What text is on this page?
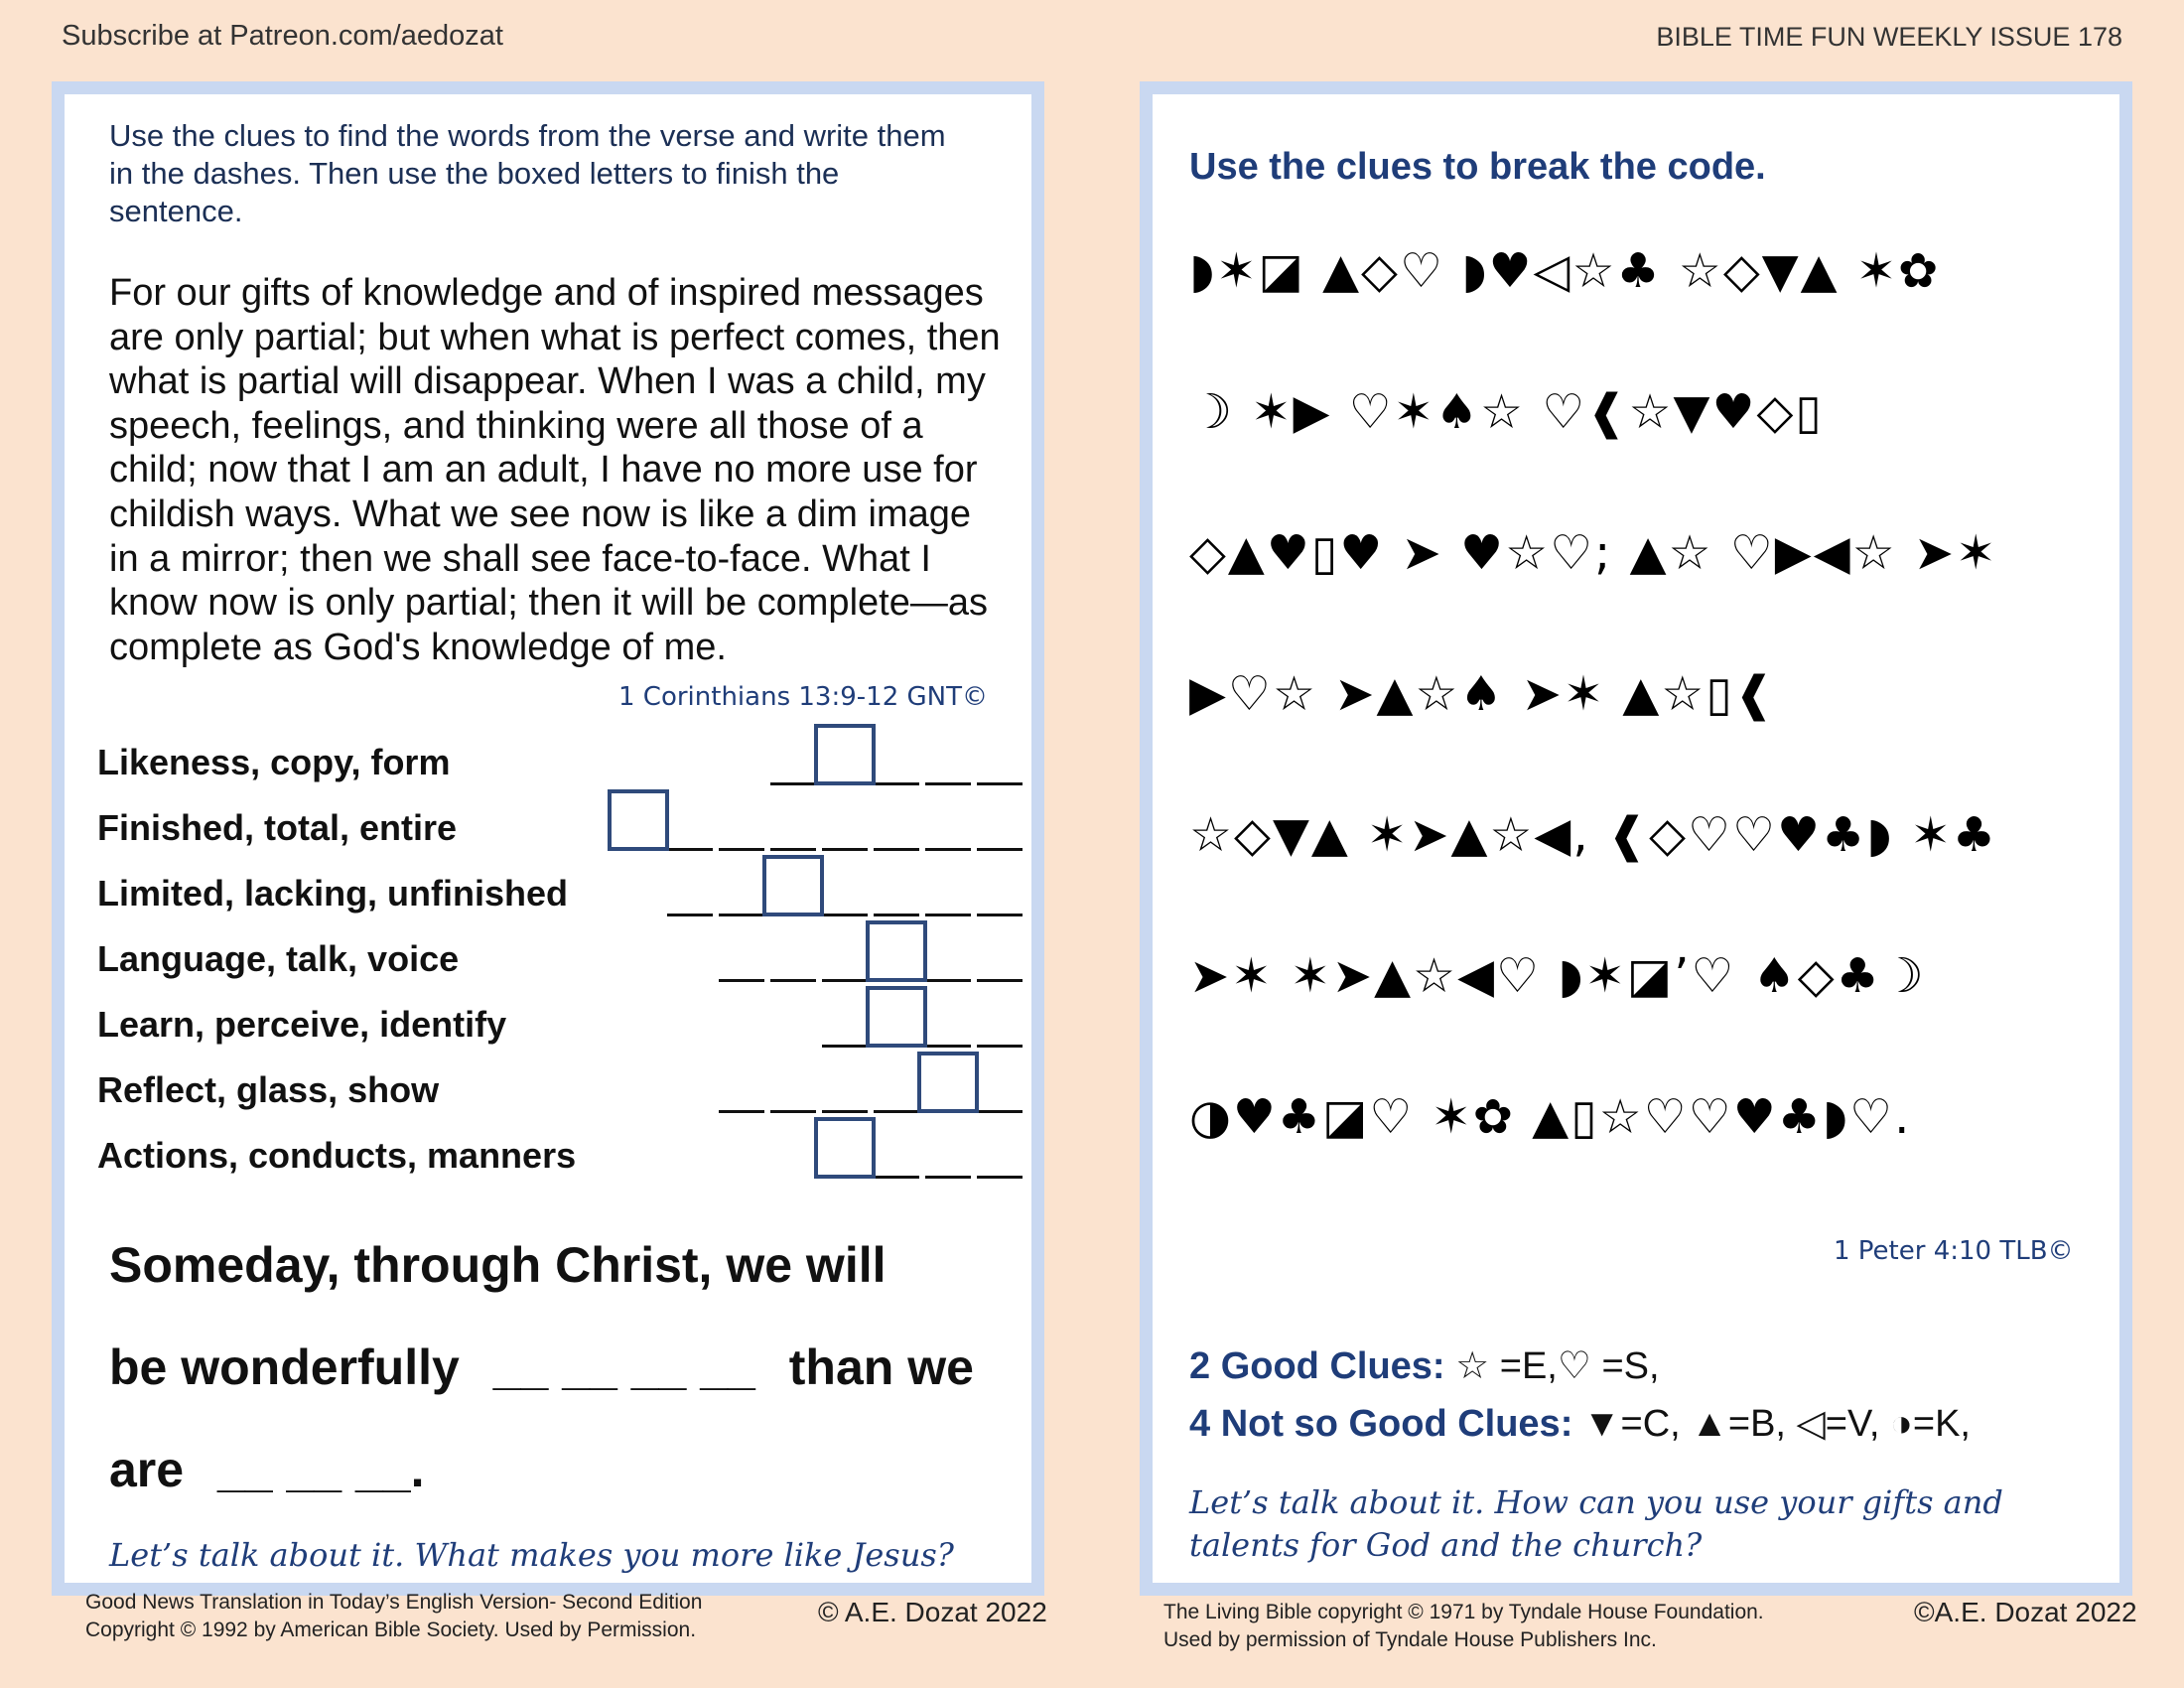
Subscribe at Patreon.com/aedozat	BIBLE TIME FUN WEEKLY ISSUE 178
Use the clues to find the words from the verse and write them in the dashes. Then use the boxed letters to finish the sentence.
For our gifts of knowledge and of inspired messages are only partial; but when what is perfect comes, then what is partial will disappear. When I was a child, my speech, feelings, and thinking were all those of a child; now that I am an adult, I have no more use for childish ways. What we see now is like a dim image in a mirror; then we shall see face-to-face. What I know now is only partial; then it will be complete—as complete as God's knowledge of me.
1 Corinthians 13:9-12 GNT©
Likeness, copy, form
Finished, total, entire
Limited, lacking, unfinished
Language, talk, voice
Learn, perceive, identify
Reflect, glass, show
Actions, conducts, manners
Someday, through Christ, we will
be wonderfully __ __ __ __ than we
are __ __ __.
Let’s talk about it. What makes you more like Jesus?
Good News Translation in Today’s English Version- Second Edition
Copyright © 1992 by American Bible Society. Used by Permission.
© A.E. Dozat 2022
Use the clues to break the code.
◗✶◪ ▲◇♡ ◗♥◁☆♣ ☆◇▼▲ ✶✿
☽ ✶▶ ♡✶♠☆ ♡❰☆▼♥◇▯
◇▲♥▯♥ ➤ ♥☆♡; ▲☆ ♡▶◀☆ ➤✶
▶♡☆ ➤▲☆♠ ➤✶ ▲☆▯❰
☆◇▼▲ ✶➤▲☆◀, ❰◇♡♡♥♣◗ ✶♣
➤✶ ✶➤▲☆◀♡ ◗✶◪’♡ ♠◇♣☽
◑♥♣◪♡ ✶✿ ▲▯☆♡♡♥♣◗♡.
1 Peter 4:10 TLB©
2 Good Clues: ☆ =E,♡ =S,
4 Not so Good Clues: ▼=C, ▲=B, ◁=V, ◑=K,
Let’s talk about it. How can you use your gifts and talents for God and the church?
The Living Bible copyright © 1971 by Tyndale House Foundation.
Used by permission of Tyndale House Publishers Inc.
©A.E. Dozat 2022
